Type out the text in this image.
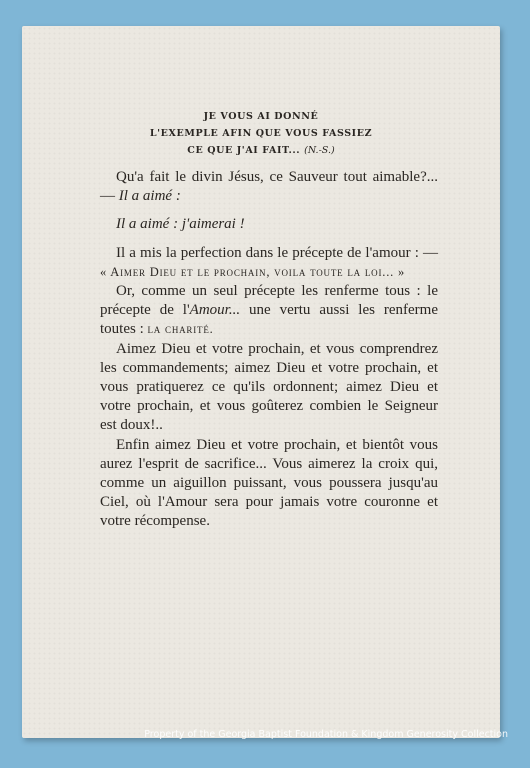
JE VOUS AI DONNÉ
L'EXEMPLE AFIN QUE VOUS FASSIEZ
CE QUE J'AI FAIT... (N.-S.)

Qu'a fait le divin Jésus, ce Sauveur tout aimable?... — Il a aimé :

Il a aimé : j'aimerai !

Il a mis la perfection dans le précepte de l'amour : — « Aimer Dieu et le prochain, voila toute la loi... »

Or, comme un seul précepte les renferme tous : le précepte de l'Amour... une vertu aussi les renferme toutes : la charité.

Aimez Dieu et votre prochain, et vous comprendrez les commandements; aimez Dieu et votre prochain, et vous pratiquerez ce qu'ils ordonnent; aimez Dieu et votre prochain, et vous goûterez combien le Seigneur est doux!..

Enfin aimez Dieu et votre prochain, et bientôt vous aurez l'esprit de sacrifice... Vous aimerez la croix qui, comme un aiguillon puissant, vous poussera jusqu'au Ciel, où l'Amour sera pour jamais votre couronne et votre récompense.

Property of the Georgia Baptist Foundation & Kingdom Generosity Collection
